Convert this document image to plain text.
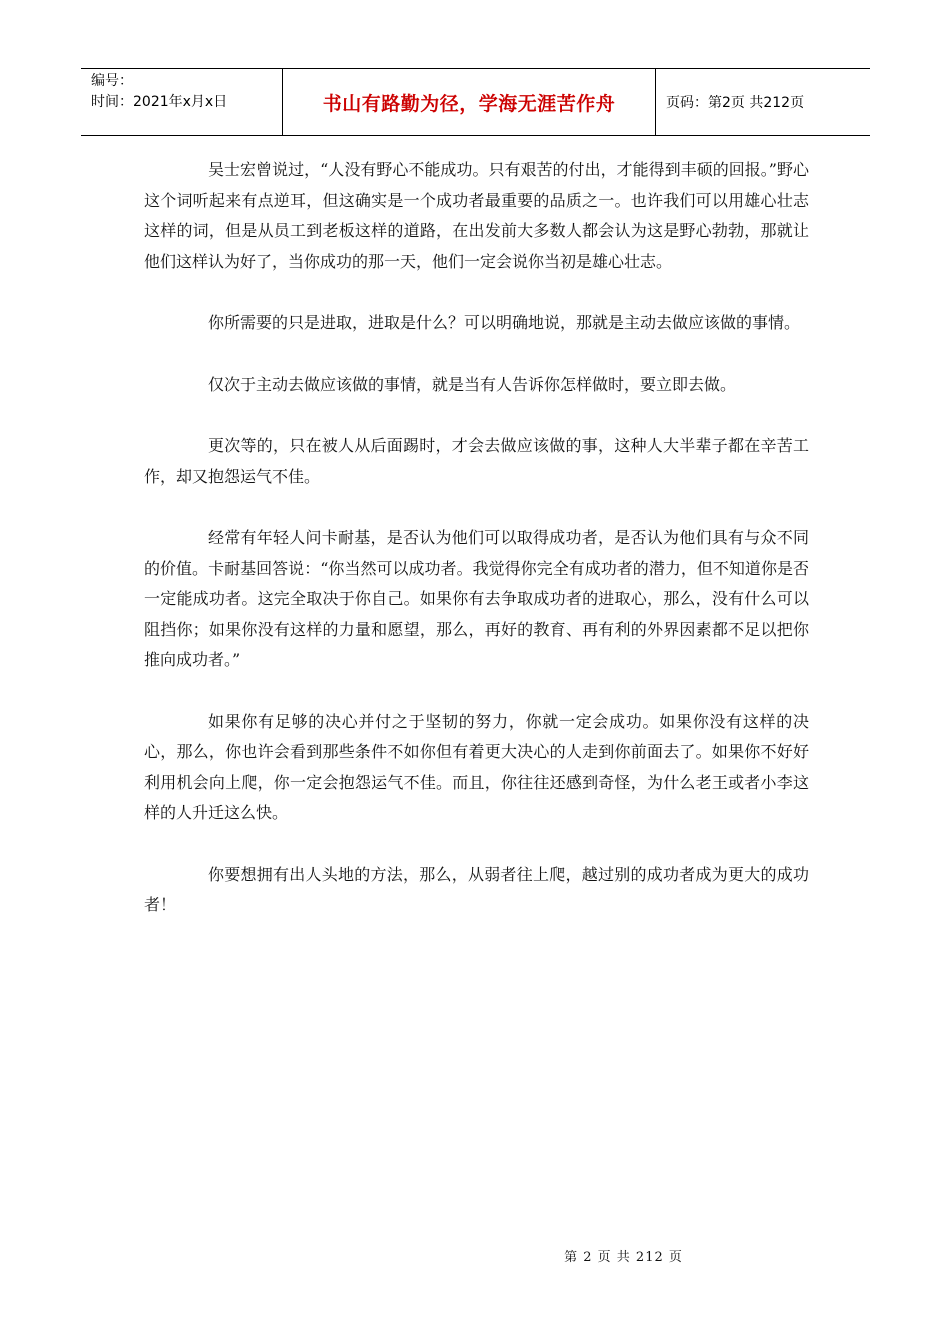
编号：
时间：2021年x月x日	书山有路勤为径，学海无涯苦作舟	页码：第2页 共212页

吴士宏曾说过，“人没有野心不能成功。只有艰苦的付出，才能得到丰硕的回报。”野心这个词听起来有点逆耳，但这确实是一个成功者最重要的品质之一。也许我们可以用雄心壮志这样的词，但是从员工到老板这样的道路，在出发前大多数人都会认为这是野心勃勃，那就让他们这样认为好了，当你成功的那一天，他们一定会说你当初是雄心壮志。

你所需要的只是进取，进取是什么？可以明确地说，那就是主动去做应该做的事情。

仅次于主动去做应该做的事情，就是当有人告诉你怎样做时，要立即去做。

更次等的，只在被人从后面踢时，才会去做应该做的事，这种人大半辈子都在辛苦工作，却又抱怨运气不佳。

经常有年轻人问卡耐基，是否认为他们可以取得成功者，是否认为他们具有与众不同的价值。卡耐基回答说：“你当然可以成功者。我觉得你完全有成功者的潜力，但不知道你是否一定能成功者。这完全取决于你自己。如果你有去争取成功者的进取心，那么，没有什么可以阻挡你；如果你没有这样的力量和愿望，那么，再好的教育、再有利的外界因素都不足以把你推向成功者。”

如果你有足够的决心并付之于坚韧的努力，你就一定会成功。如果你没有这样的决心，那么，你也许会看到那些条件不如你但有着更大决心的人走到你前面去了。如果你不好好利用机会向上爬，你一定会抱怨运气不佳。而且，你往往还感到奇怪，为什么老王或者小李这样的人升迁这么快。

你要想拥有出人头地的方法，那么，从弱者往上爬，越过别的成功者成为更大的成功者！

第 2 页 共 212 页
